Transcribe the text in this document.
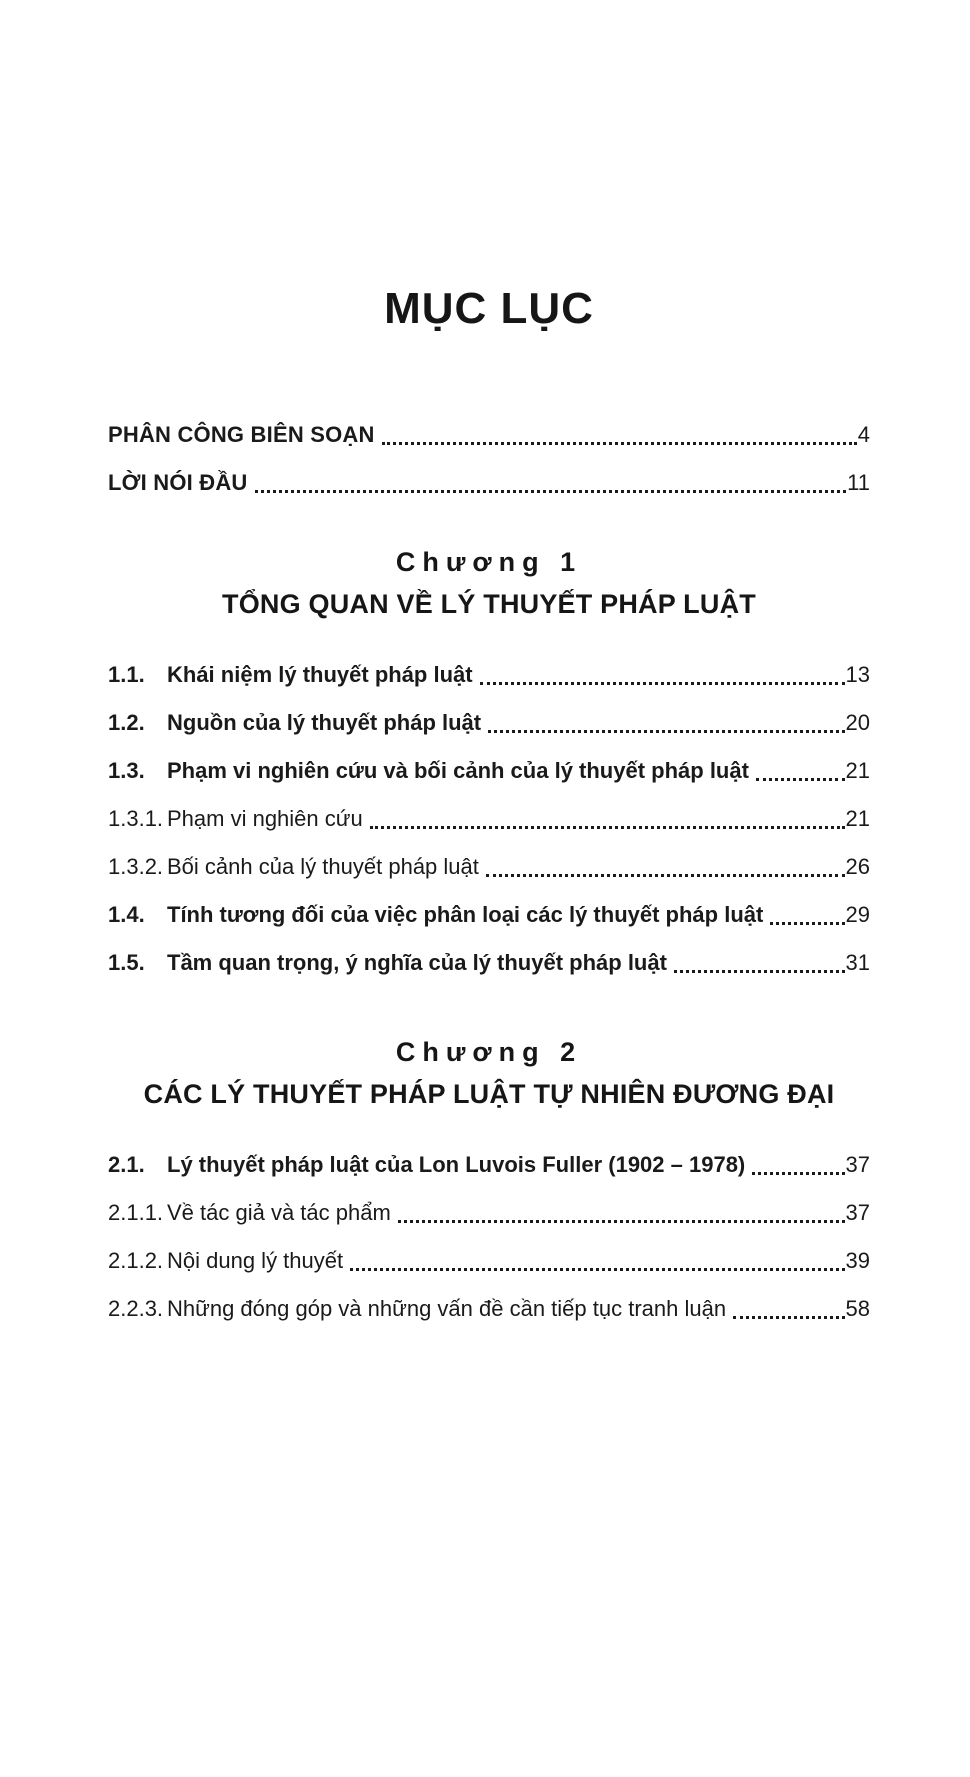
MỤC LỤC
PHÂN CÔNG BIÊN SOẠN	4
LỜI NÓI ĐẦU	11
Chương 1
TỔNG QUAN VỀ LÝ THUYẾT PHÁP LUẬT
1.1.	Khái niệm lý thuyết pháp luật	13
1.2.	Nguồn của lý thuyết pháp luật	20
1.3.	Phạm vi nghiên cứu và bối cảnh của lý thuyết pháp luật	21
1.3.1. Phạm vi nghiên cứu	21
1.3.2. Bối cảnh của lý thuyết pháp luật	26
1.4.	Tính tương đối của việc phân loại các lý thuyết pháp luật	29
1.5.	Tầm quan trọng, ý nghĩa của lý thuyết pháp luật	31
Chương 2
CÁC LÝ THUYẾT PHÁP LUẬT TỰ NHIÊN ĐƯƠNG ĐẠI
2.1.	Lý thuyết pháp luật của Lon Luvois Fuller (1902 – 1978)	37
2.1.1. Về tác giả và tác phẩm	37
2.1.2. Nội dung lý thuyết	39
2.2.3. Những đóng góp và những vấn đề cần tiếp tục tranh luận	58
